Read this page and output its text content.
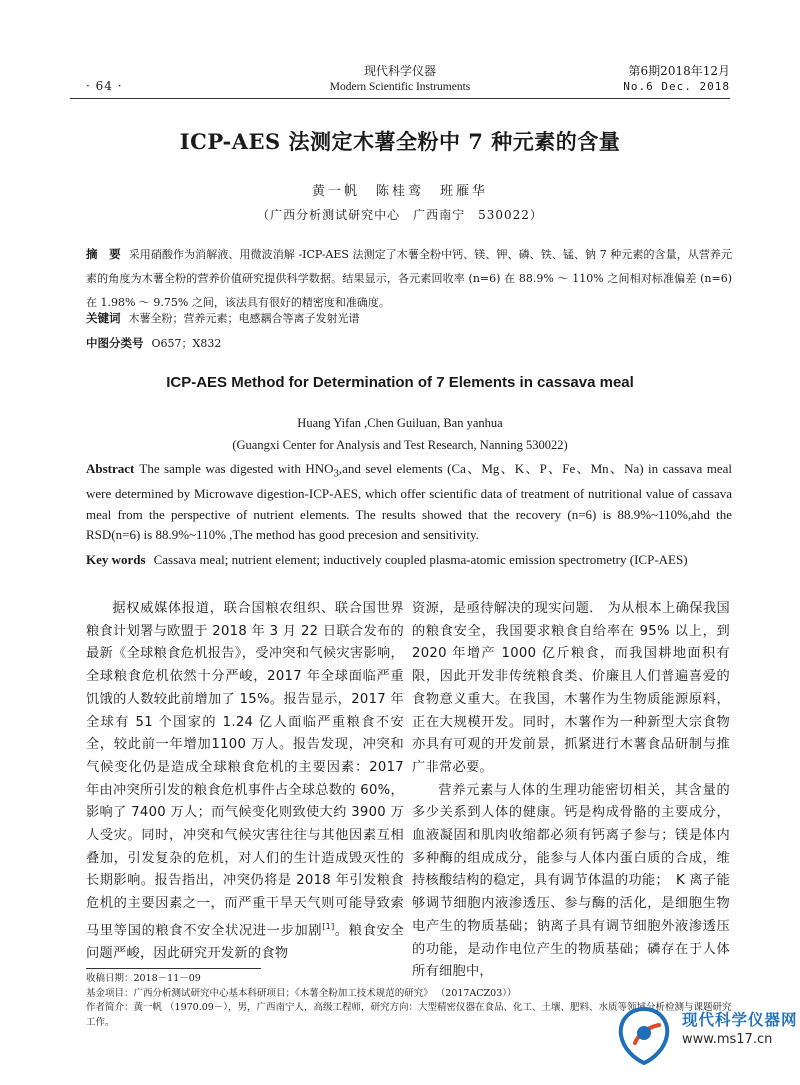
· 64 ·
现代科学仪器
Modern Scientific Instruments
第6期2018年12月
No.6 Dec. 2018
ICP-AES 法测定木薯全粉中 7 种元素的含量
黄一帆　陈桂鸾　班雁华
（广西分析测试研究中心　广西南宁　530022）
摘　要 采用硝酸作为消解液、用微波消解 -ICP-AES 法测定了木薯全粉中钙、镁、钾、磷、铁、锰、钠 7 种元素的含量，从营养元素的角度为木薯全粉的营养价值研究提供科学数据。结果显示，各元素回收率 (n=6) 在 88.9% ～ 110% 之间相对标准偏差 (n=6) 在 1.98% ～ 9.75% 之间，该法具有很好的精密度和准确度。
关键词 木薯全粉；营养元素；电感耦合等离子发射光谱
中图分类号 O657；X832
ICP-AES Method for Determination of 7 Elements in cassava meal
Huang Yifan ,Chen Guiluan, Ban yanhua
(Guangxi Center for Analysis and Test Research, Nanning 530022)
Abstract The sample was digested with $HNO_3,and$ sevel elements (Ca、Mg、K、P、Fe、Mn、Na) in cassava meal were determined by Microwave digestion-ICP-AES, which offer scientific data of treatment of nutritional value of cassava meal from the perspective of nutrient elements. The results showed that the recovery (n=6) is 88.9%~110%,ahd the RSD(n=6) is 88.9%~110% ,The method has good precesion and sensitivity.
Key words Cassava meal; nutrient element; inductively coupled plasma-atomic emission spectrometry (ICP-AES)

据权威媒体报道，联合国粮农组织、联合国世界粮食计划署与欧盟于 2018 年 3 月 22 日联合发布的最新《全球粮食危机报告》，受冲突和气候灾害影响，全球粮食危机依然十分严峻，2017 年全球面临严重饥饿的人数较此前增加了 15%。报告显示，2017 年全球有 51 个国家的 1.24 亿人面临严重粮食不安全，较此前一年增加1100 万人。报告发现，冲突和气候变化仍是造成全球粮食危机的主要因素：2017 年由冲突所引发的粮食危机事件占全球总数的 60%，影响了 7400 万人；而气候变化则致使大约 3900 万人受灾。同时，冲突和气候灾害往往与其他因素互相叠加，引发复杂的危机，对人们的生计造成毁灭性的长期影响。报告指出，冲突仍将是 2018 年引发粮食危机的主要因素之一，而严重干旱天气则可能导致索马里等国的粮食不安全状况进一步加剧[1]。粮食安全问题严峻，因此研究开发新的食物

资源，是亟待解决的现实问题． 为从根本上确保我国的粮食安全，我国要求粮食自给率在 95% 以上，到 2020 年增产 1000 亿斤粮食，而我国耕地面积有限，因此开发非传统粮食类、价廉且人们普遍喜爱的食物意义重大。在我国，木薯作为生物质能源原料，正在大规模开发。同时，木薯作为一种新型大宗食物亦具有可观的开发前景，抓紧进行木薯食品研制与推广非常必要。

营养元素与人体的生理功能密切相关，其含量的多少关系到人体的健康。钙是构成骨骼的主要成分，血液凝固和肌肉收缩都必须有钙离子参与；镁是体内多种酶的组成成分，能参与人体内蛋白质的合成，维持核酸结构的稳定，具有调节体温的功能；　K 离子能够调节细胞内液渗透压、参与酶的活化，是细胞生物电产生的物质基础；钠离子具有调节细胞外液渗透压的功能，是动作电位产生的物质基础；磷存在于人体所有细胞中，

收稿日期：2018－11－09
基金项目：广西分析测试研究中心基本科研项目；《木薯全粉加工技术规范的研究》 （2017ACZ03））
作者简介：黄一帆 （1970.09－），男，广西南宁人，高级工程师，研究方向：大型精密仪器在食品、化工、土壤、肥料、水质等领域分析检测与课题研究工作。	现代科学仪器网
www.ms17.cn
